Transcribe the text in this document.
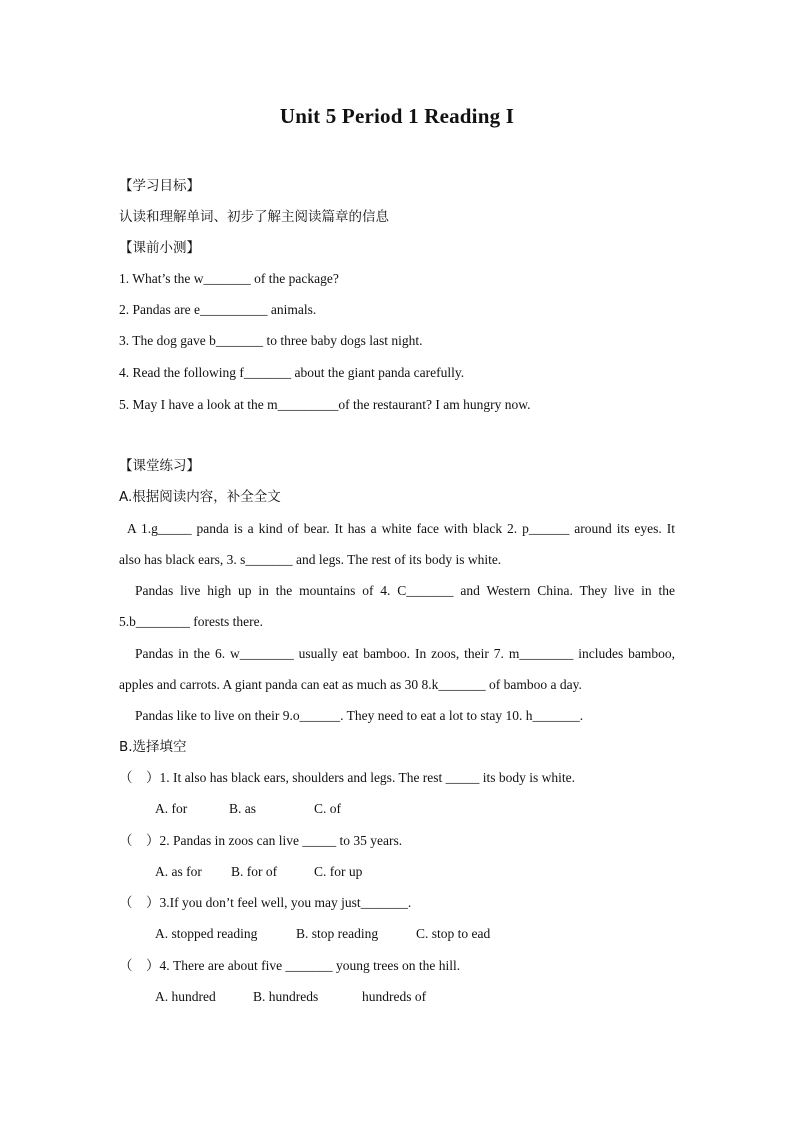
Unit 5 Period 1 Reading I
【学习目标】
认读和理解单词、初步了解主阅读篇章的信息
【课前小测】
1. What’s the w_______ of the package?
2. Pandas are e__________ animals.
3. The dog gave b_______ to three baby dogs last night.
4. Read the following f_______ about the giant panda carefully.
5. May I have a look at the m_________of the restaurant? I am hungry now.
【课堂练习】
A.根据阅读内容，补全全文
A 1.g_____ panda is a kind of bear. It has a white face with black 2. p______ around its eyes. It
also has black ears, 3. s_______ and legs. The rest of its body is white.
Pandas live high up in the mountains of 4. C_______ and Western China. They live in the
5.b________ forests there.
Pandas in the 6. w________ usually eat bamboo. In zoos, their 7. m________ includes bamboo,
apples and carrots. A giant panda can eat as much as 30 8.k_______ of bamboo a day.
Pandas like to live on their 9.o______. They need to eat a lot to stay 10. h_______.
B.选择填空
（　）1. It also has black ears, shoulders and legs. The rest _____ its body is white.
A. for	B. as	C. of
（　）2. Pandas in zoos can live _____ to 35 years.
A. as for B. for of	C. for up
（　）3.If you don’t feel well, you may just_______.
A. stopped reading	B. stop reading	C. stop to ead
（　）4. There are about five _______ young trees on the hill.
A. hundred	B. hundreds	hundreds of
